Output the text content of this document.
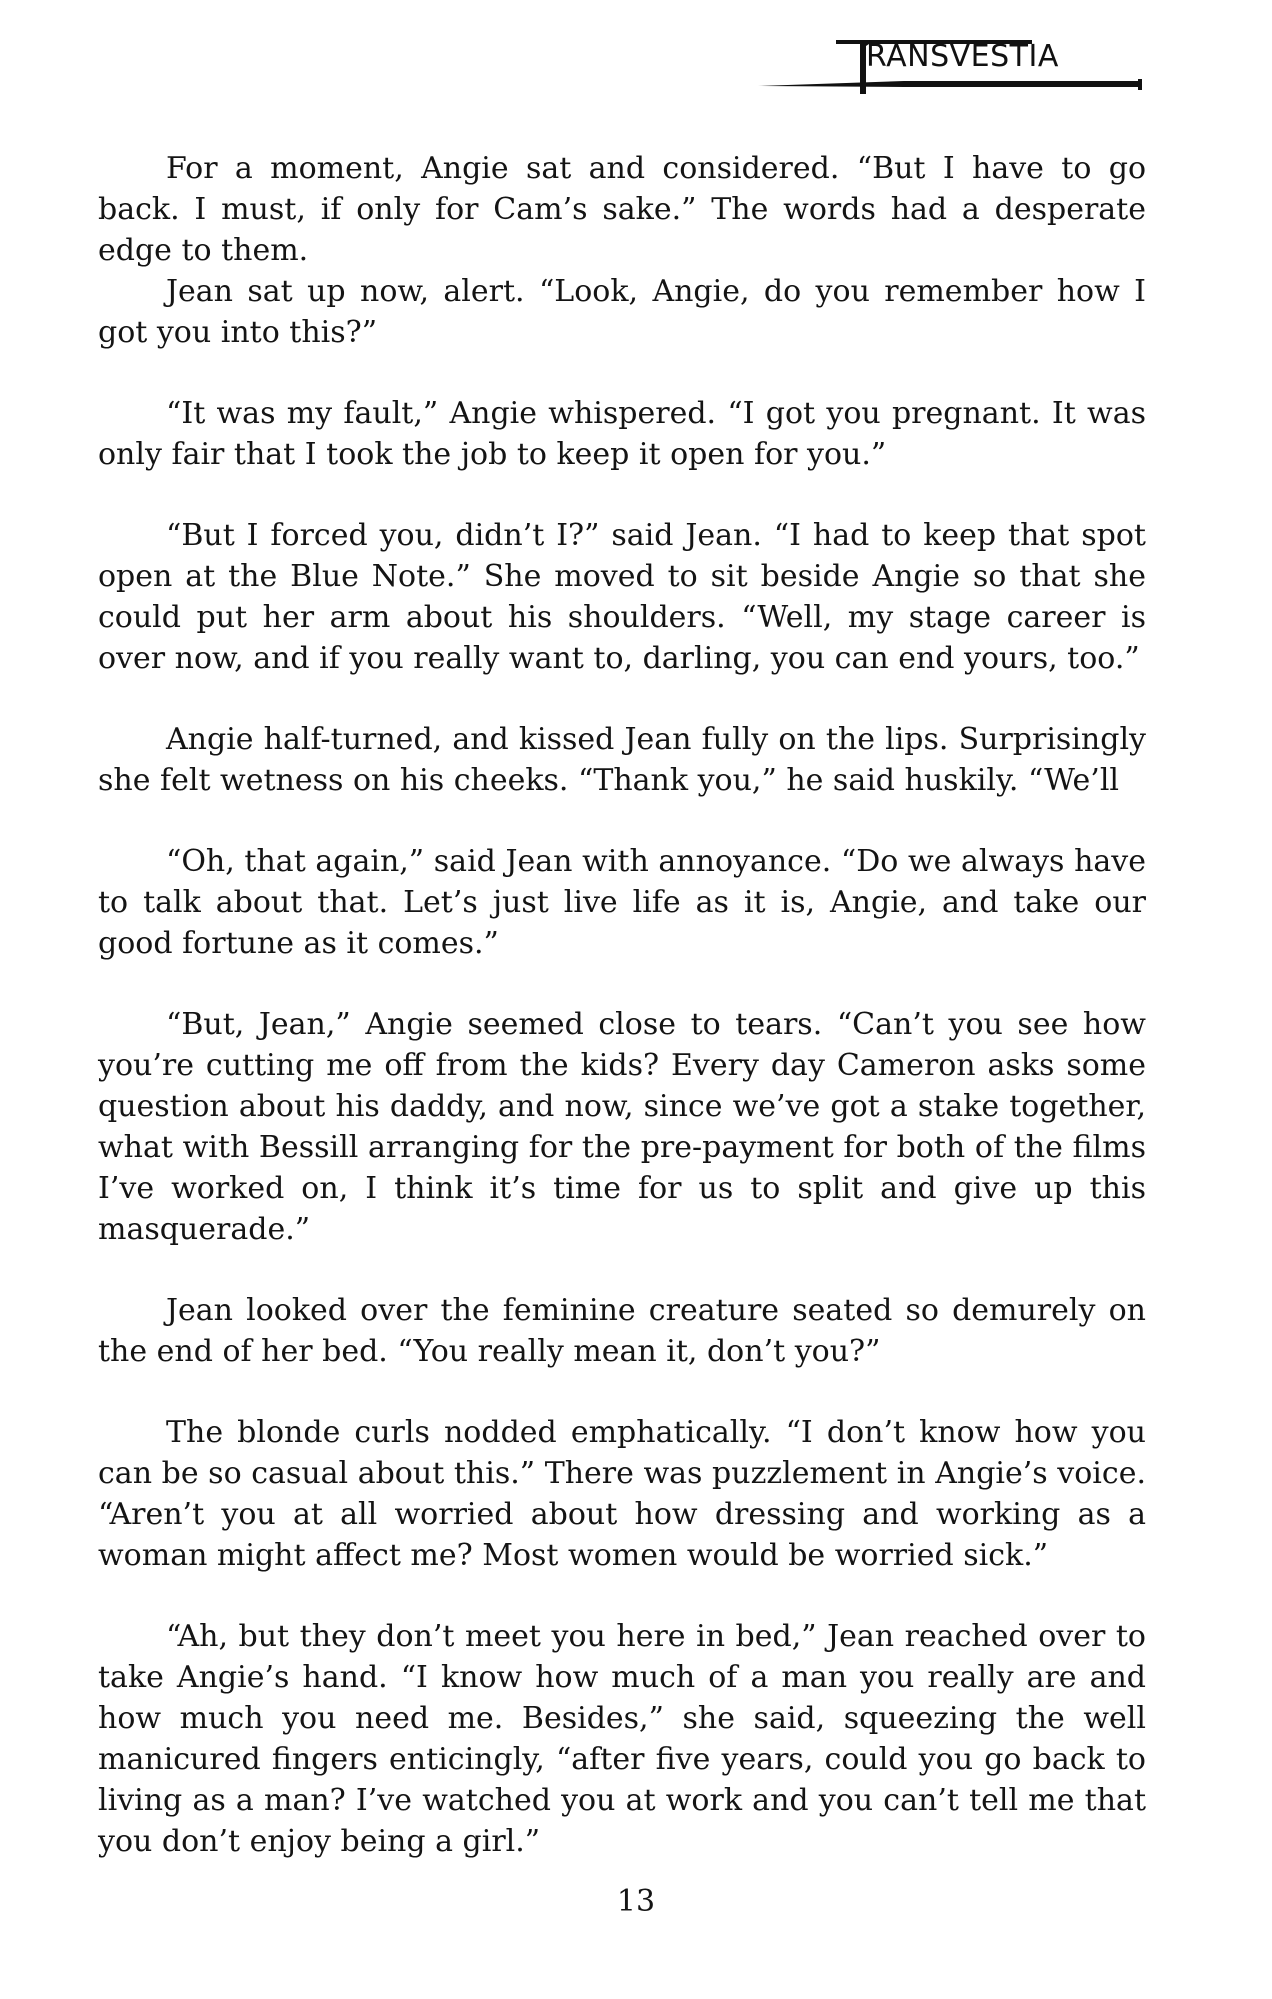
RANSVESTIA

For a moment, Angie sat and considered. “But I have to go back. I must, if only for Cam’s sake.” The words had a desperate edge to them.

Jean sat up now, alert. “Look, Angie, do you remember how I got you into this?”

“It was my fault,” Angie whispered. “I got you pregnant. It was only fair that I took the job to keep it open for you.”

“But I forced you, didn’t I?” said Jean. “I had to keep that spot open at the Blue Note.” She moved to sit beside Angie so that she could put her arm about his shoulders. “Well, my stage career is over now, and if you really want to, darling, you can end yours, too.”

Angie half-turned, and kissed Jean fully on the lips. Surprisingly she felt wetness on his cheeks. “Thank you,” he said huskily. “We’ll

“Oh, that again,” said Jean with annoyance. “Do we always have to talk about that. Let’s just live life as it is, Angie, and take our good fortune as it comes.”

“But, Jean,” Angie seemed close to tears. “Can’t you see how you’re cutting me off from the kids? Every day Cameron asks some question about his daddy, and now, since we’ve got a stake together, what with Bessill arranging for the pre-payment for both of the films I’ve worked on, I think it’s time for us to split and give up this masquerade.”

Jean looked over the feminine creature seated so demurely on the end of her bed. “You really mean it, don’t you?”

The blonde curls nodded emphatically. “I don’t know how you can be so casual about this.” There was puzzlement in Angie’s voice. “Aren’t you at all worried about how dressing and working as a woman might affect me? Most women would be worried sick.”

“Ah, but they don’t meet you here in bed,” Jean reached over to take Angie’s hand. “I know how much of a man you really are and how much you need me. Besides,” she said, squeezing the well manicured fingers enticingly, “after five years, could you go back to living as a man? I’ve watched you at work and you can’t tell me that you don’t enjoy being a girl.”

13
